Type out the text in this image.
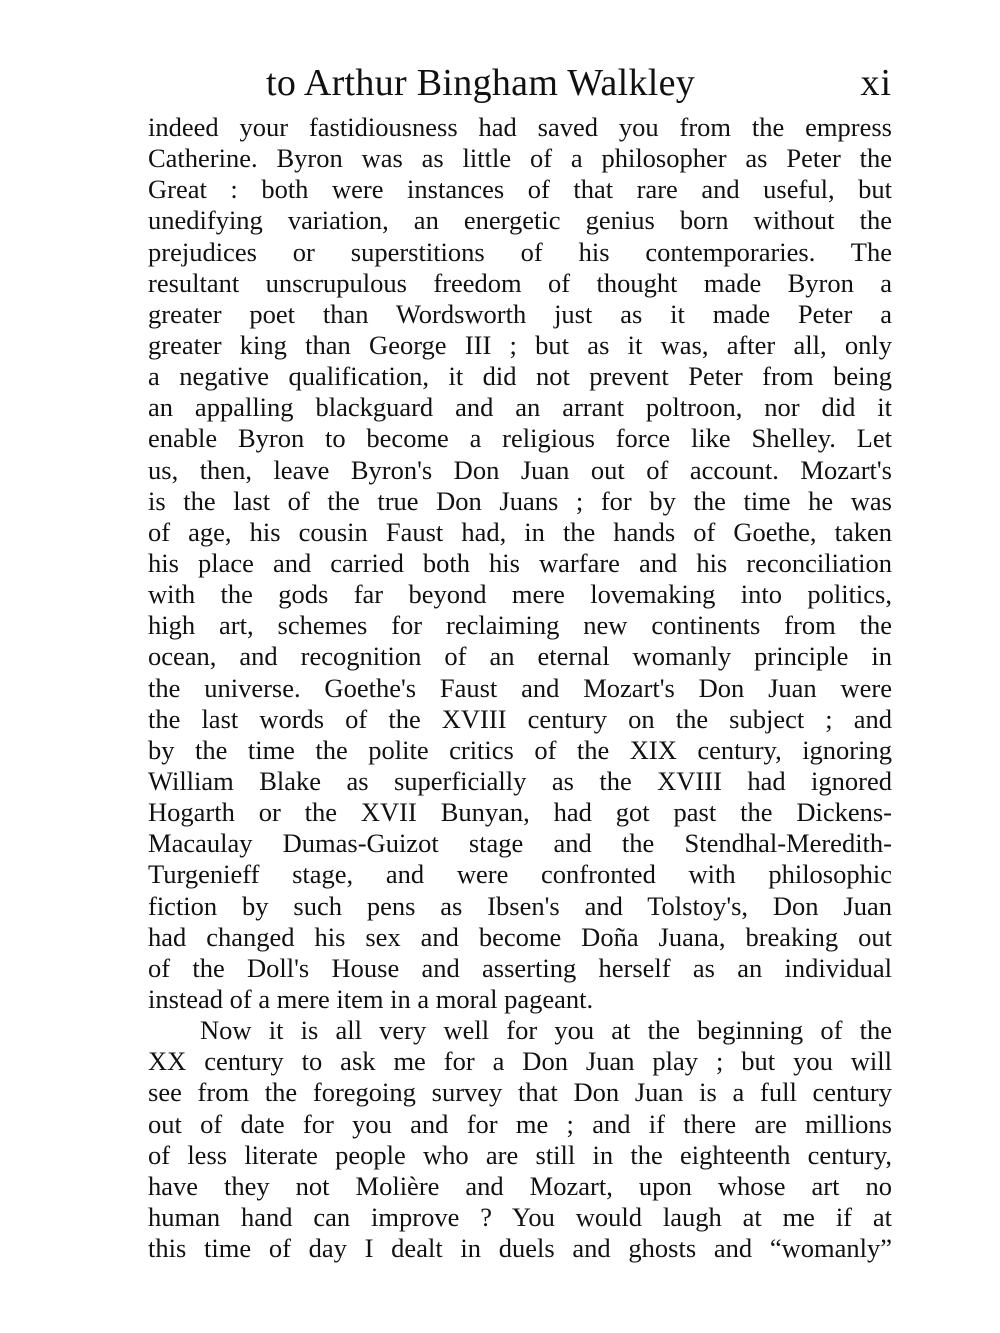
to Arthur Bingham Walkley	xi
indeed your fastidiousness had saved you from the empress
Catherine. Byron was as little of a philosopher as Peter the
Great : both were instances of that rare and useful, but
unedifying variation, an energetic genius born without the
prejudices or superstitions of his contemporaries. The
resultant unscrupulous freedom of thought made Byron a
greater poet than Wordsworth just as it made Peter a
greater king than George III ; but as it was, after all, only
a negative qualification, it did not prevent Peter from being
an appalling blackguard and an arrant poltroon, nor did it
enable Byron to become a religious force like Shelley. Let
us, then, leave Byron's Don Juan out of account. Mozart's
is the last of the true Don Juans ; for by the time he was
of age, his cousin Faust had, in the hands of Goethe, taken
his place and carried both his warfare and his reconciliation
with the gods far beyond mere lovemaking into politics,
high art, schemes for reclaiming new continents from the
ocean, and recognition of an eternal womanly principle in
the universe. Goethe's Faust and Mozart's Don Juan were
the last words of the XVIII century on the subject ; and
by the time the polite critics of the XIX century, ignoring
William Blake as superficially as the XVIII had ignored
Hogarth or the XVII Bunyan, had got past the Dickens-
Macaulay Dumas-Guizot stage and the Stendhal-Meredith-
Turgenieff stage, and were confronted with philosophic
fiction by such pens as Ibsen's and Tolstoy's, Don Juan
had changed his sex and become Doña Juana, breaking out
of the Doll's House and asserting herself as an individual
instead of a mere item in a moral pageant.
Now it is all very well for you at the beginning of the
XX century to ask me for a Don Juan play ; but you will
see from the foregoing survey that Don Juan is a full century
out of date for you and for me ; and if there are millions
of less literate people who are still in the eighteenth century,
have they not Molière and Mozart, upon whose art no
human hand can improve ? You would laugh at me if at
this time of day I dealt in duels and ghosts and “womanly”
